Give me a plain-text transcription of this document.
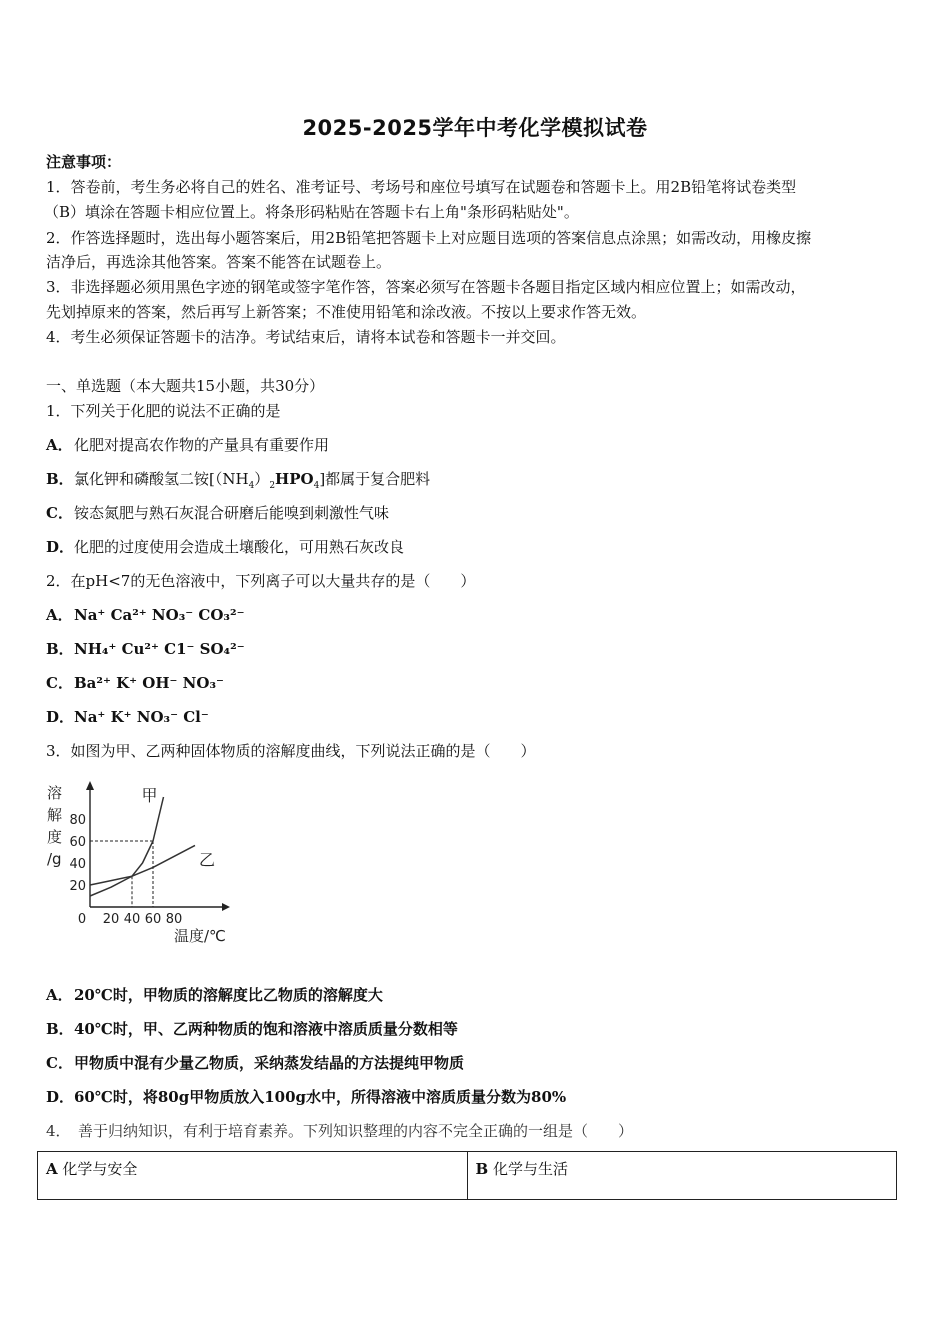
2025-2025学年中考化学模拟试卷
注意事项：
1．答卷前，考生务必将自己的姓名、准考证号、考场号和座位号填写在试题卷和答题卡上。用2B铅笔将试卷类型
（B）填涂在答题卡相应位置上。将条形码粘贴在答题卡右上角"条形码粘贴处"。
2．作答选择题时，选出每小题答案后，用2B铅笔把答题卡上对应题目选项的答案信息点涂黑；如需改动，用橡皮擦
洁净后，再选涂其他答案。答案不能答在试题卷上。
3．非选择题必须用黑色字迹的钢笔或签字笔作答，答案必须写在答题卡各题目指定区域内相应位置上；如需改动，
先划掉原来的答案，然后再写上新答案；不准使用铅笔和涂改液。不按以上要求作答无效。
4．考生必须保证答题卡的洁净。考试结束后，请将本试卷和答题卡一并交回。
一、单选题（本大题共15小题，共30分）
1．下列关于化肥的说法不正确的是
A．化肥对提高农作物的产量具有重要作用
B．氯化钾和磷酸氢二铵$[(NH_4)_2HPO_4]$都属于复合肥料
C．铵态氮肥与熟石灰混合研磨后能嗅到刺激性气味
D．化肥的过度使用会造成土壤酸化，可用熟石灰改良
2．在pH<7的无色溶液中，下列离子可以大量共存的是（　　）
A．Na⁺ Ca²⁺ NO₃⁻ CO₃²⁻
B．NH₄⁺ Cu²⁺ C1⁻ SO₄²⁻
C．Ba²⁺ K⁺ OH⁻ NO₃⁻
D．Na⁺ K⁺ NO₃⁻ Cl⁻
3．如图为甲、乙两种固体物质的溶解度曲线，下列说法正确的是（　　）
溶
解
度
/g
20
40
60
80
0 20 40 60 80
温度/℃
甲
乙
A．20℃时，甲物质的溶解度比乙物质的溶解度大
B．40℃时，甲、乙两种物质的饱和溶液中溶质质量分数相等
C．甲物质中混有少量乙物质，采纳蒸发结晶的方法提纯甲物质
D．60℃时，将80g甲物质放入100g水中，所得溶液中溶质质量分数为80%
4．　善于归纳知识，有利于培育素养。下列知识整理的内容不完全正确的一组是（　　）
A 化学与安全	B 化学与生活
